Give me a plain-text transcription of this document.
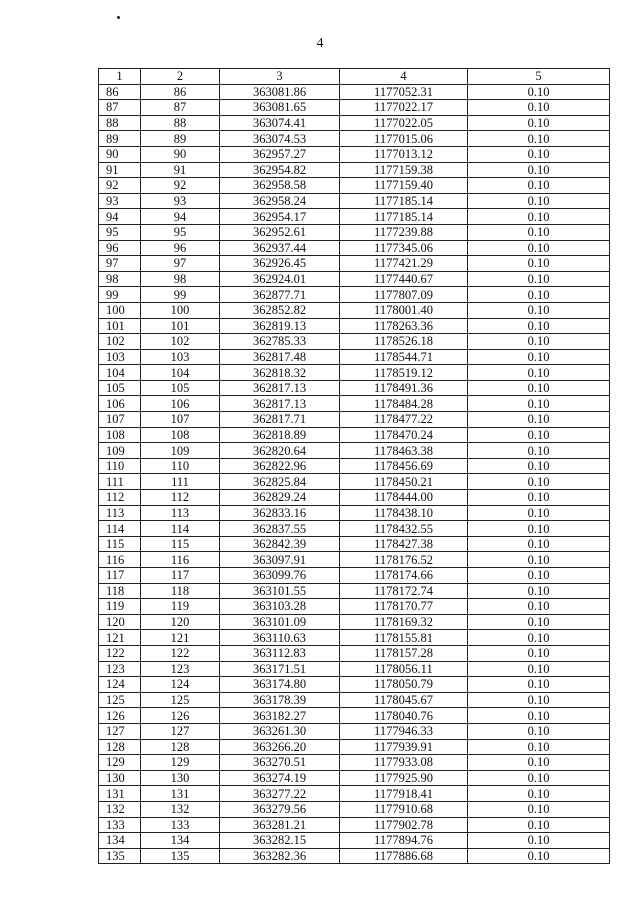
4
1	2	3	4	5
86	86	363081.86	1177052.31	0.10
87	87	363081.65	1177022.17	0.10
88	88	363074.41	1177022.05	0.10
89	89	363074.53	1177015.06	0.10
90	90	362957.27	1177013.12	0.10
91	91	362954.82	1177159.38	0.10
92	92	362958.58	1177159.40	0.10
93	93	362958.24	1177185.14	0.10
94	94	362954.17	1177185.14	0.10
95	95	362952.61	1177239.88	0.10
96	96	362937.44	1177345.06	0.10
97	97	362926.45	1177421.29	0.10
98	98	362924.01	1177440.67	0.10
99	99	362877.71	1177807.09	0.10
100	100	362852.82	1178001.40	0.10
101	101	362819.13	1178263.36	0.10
102	102	362785.33	1178526.18	0.10
103	103	362817.48	1178544.71	0.10
104	104	362818.32	1178519.12	0.10
105	105	362817.13	1178491.36	0.10
106	106	362817.13	1178484.28	0.10
107	107	362817.71	1178477.22	0.10
108	108	362818.89	1178470.24	0.10
109	109	362820.64	1178463.38	0.10
110	110	362822.96	1178456.69	0.10
111	111	362825.84	1178450.21	0.10
112	112	362829.24	1178444.00	0.10
113	113	362833.16	1178438.10	0.10
114	114	362837.55	1178432.55	0.10
115	115	362842.39	1178427.38	0.10
116	116	363097.91	1178176.52	0.10
117	117	363099.76	1178174.66	0.10
118	118	363101.55	1178172.74	0.10
119	119	363103.28	1178170.77	0.10
120	120	363101.09	1178169.32	0.10
121	121	363110.63	1178155.81	0.10
122	122	363112.83	1178157.28	0.10
123	123	363171.51	1178056.11	0.10
124	124	363174.80	1178050.79	0.10
125	125	363178.39	1178045.67	0.10
126	126	363182.27	1178040.76	0.10
127	127	363261.30	1177946.33	0.10
128	128	363266.20	1177939.91	0.10
129	129	363270.51	1177933.08	0.10
130	130	363274.19	1177925.90	0.10
131	131	363277.22	1177918.41	0.10
132	132	363279.56	1177910.68	0.10
133	133	363281.21	1177902.78	0.10
134	134	363282.15	1177894.76	0.10
135	135	363282.36	1177886.68	0.10
